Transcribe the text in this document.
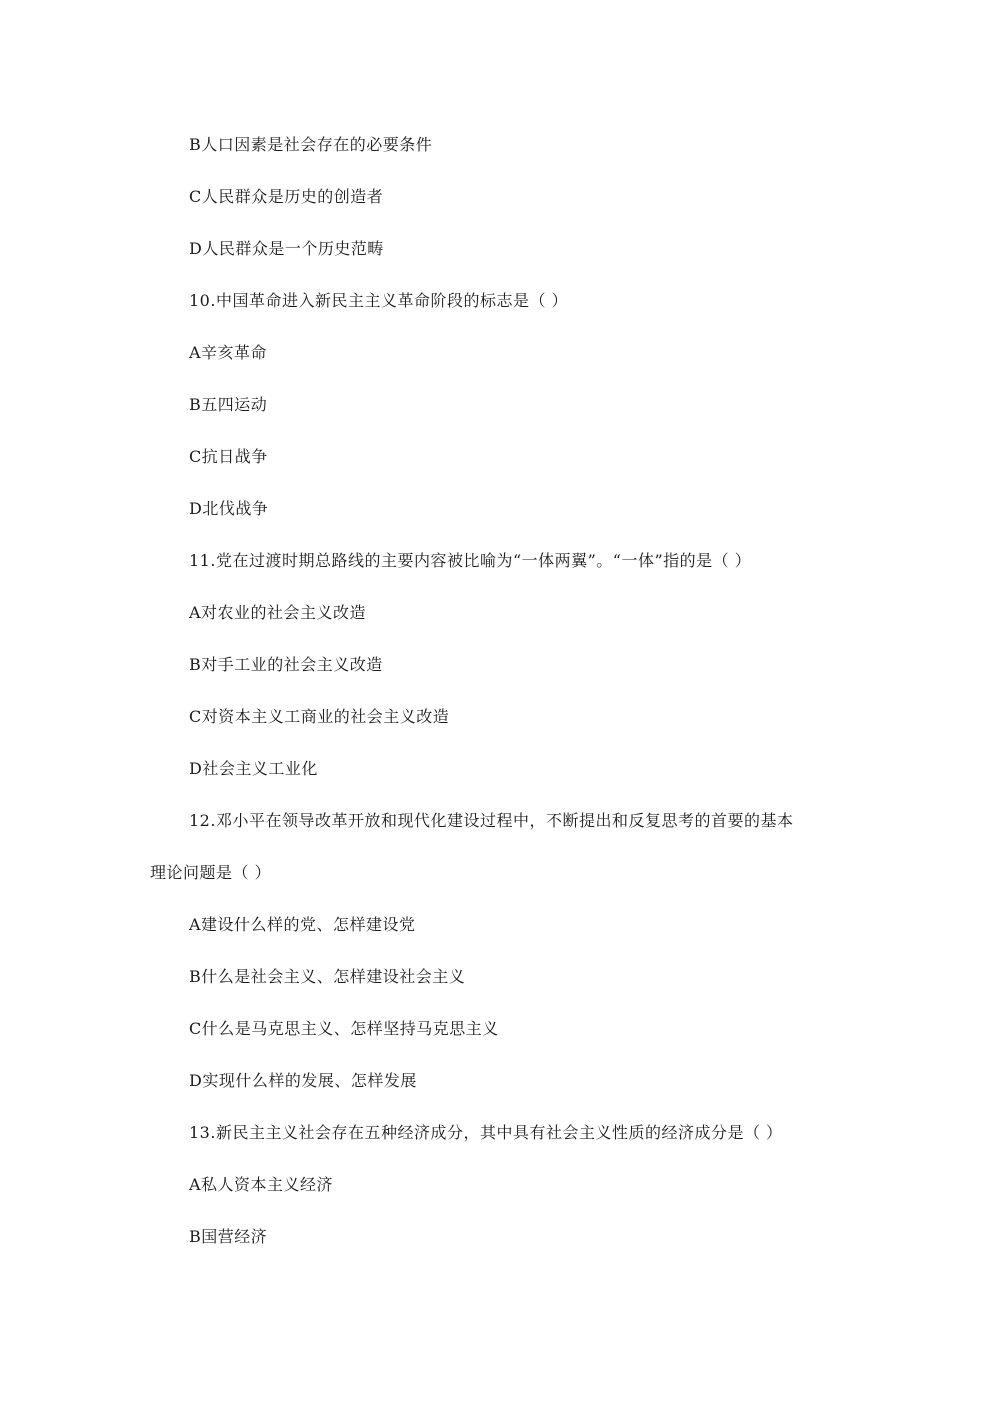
B人口因素是社会存在的必要条件
C人民群众是历史的创造者
D人民群众是一个历史范畴
10.中国革命进入新民主主义革命阶段的标志是（ ）
A辛亥革命
B五四运动
C抗日战争
D北伐战争
11.党在过渡时期总路线的主要内容被比喻为“一体两翼”。“一体”指的是（ ）
A对农业的社会主义改造
B对手工业的社会主义改造
C对资本主义工商业的社会主义改造
D社会主义工业化
12.邓小平在领导改革开放和现代化建设过程中，不断提出和反复思考的首要的基本
理论问题是（ ）
A建设什么样的党、怎样建设党
B什么是社会主义、怎样建设社会主义
C什么是马克思主义、怎样坚持马克思主义
D实现什么样的发展、怎样发展
13.新民主主义社会存在五种经济成分，其中具有社会主义性质的经济成分是（ ）
A私人资本主义经济
B国营经济
